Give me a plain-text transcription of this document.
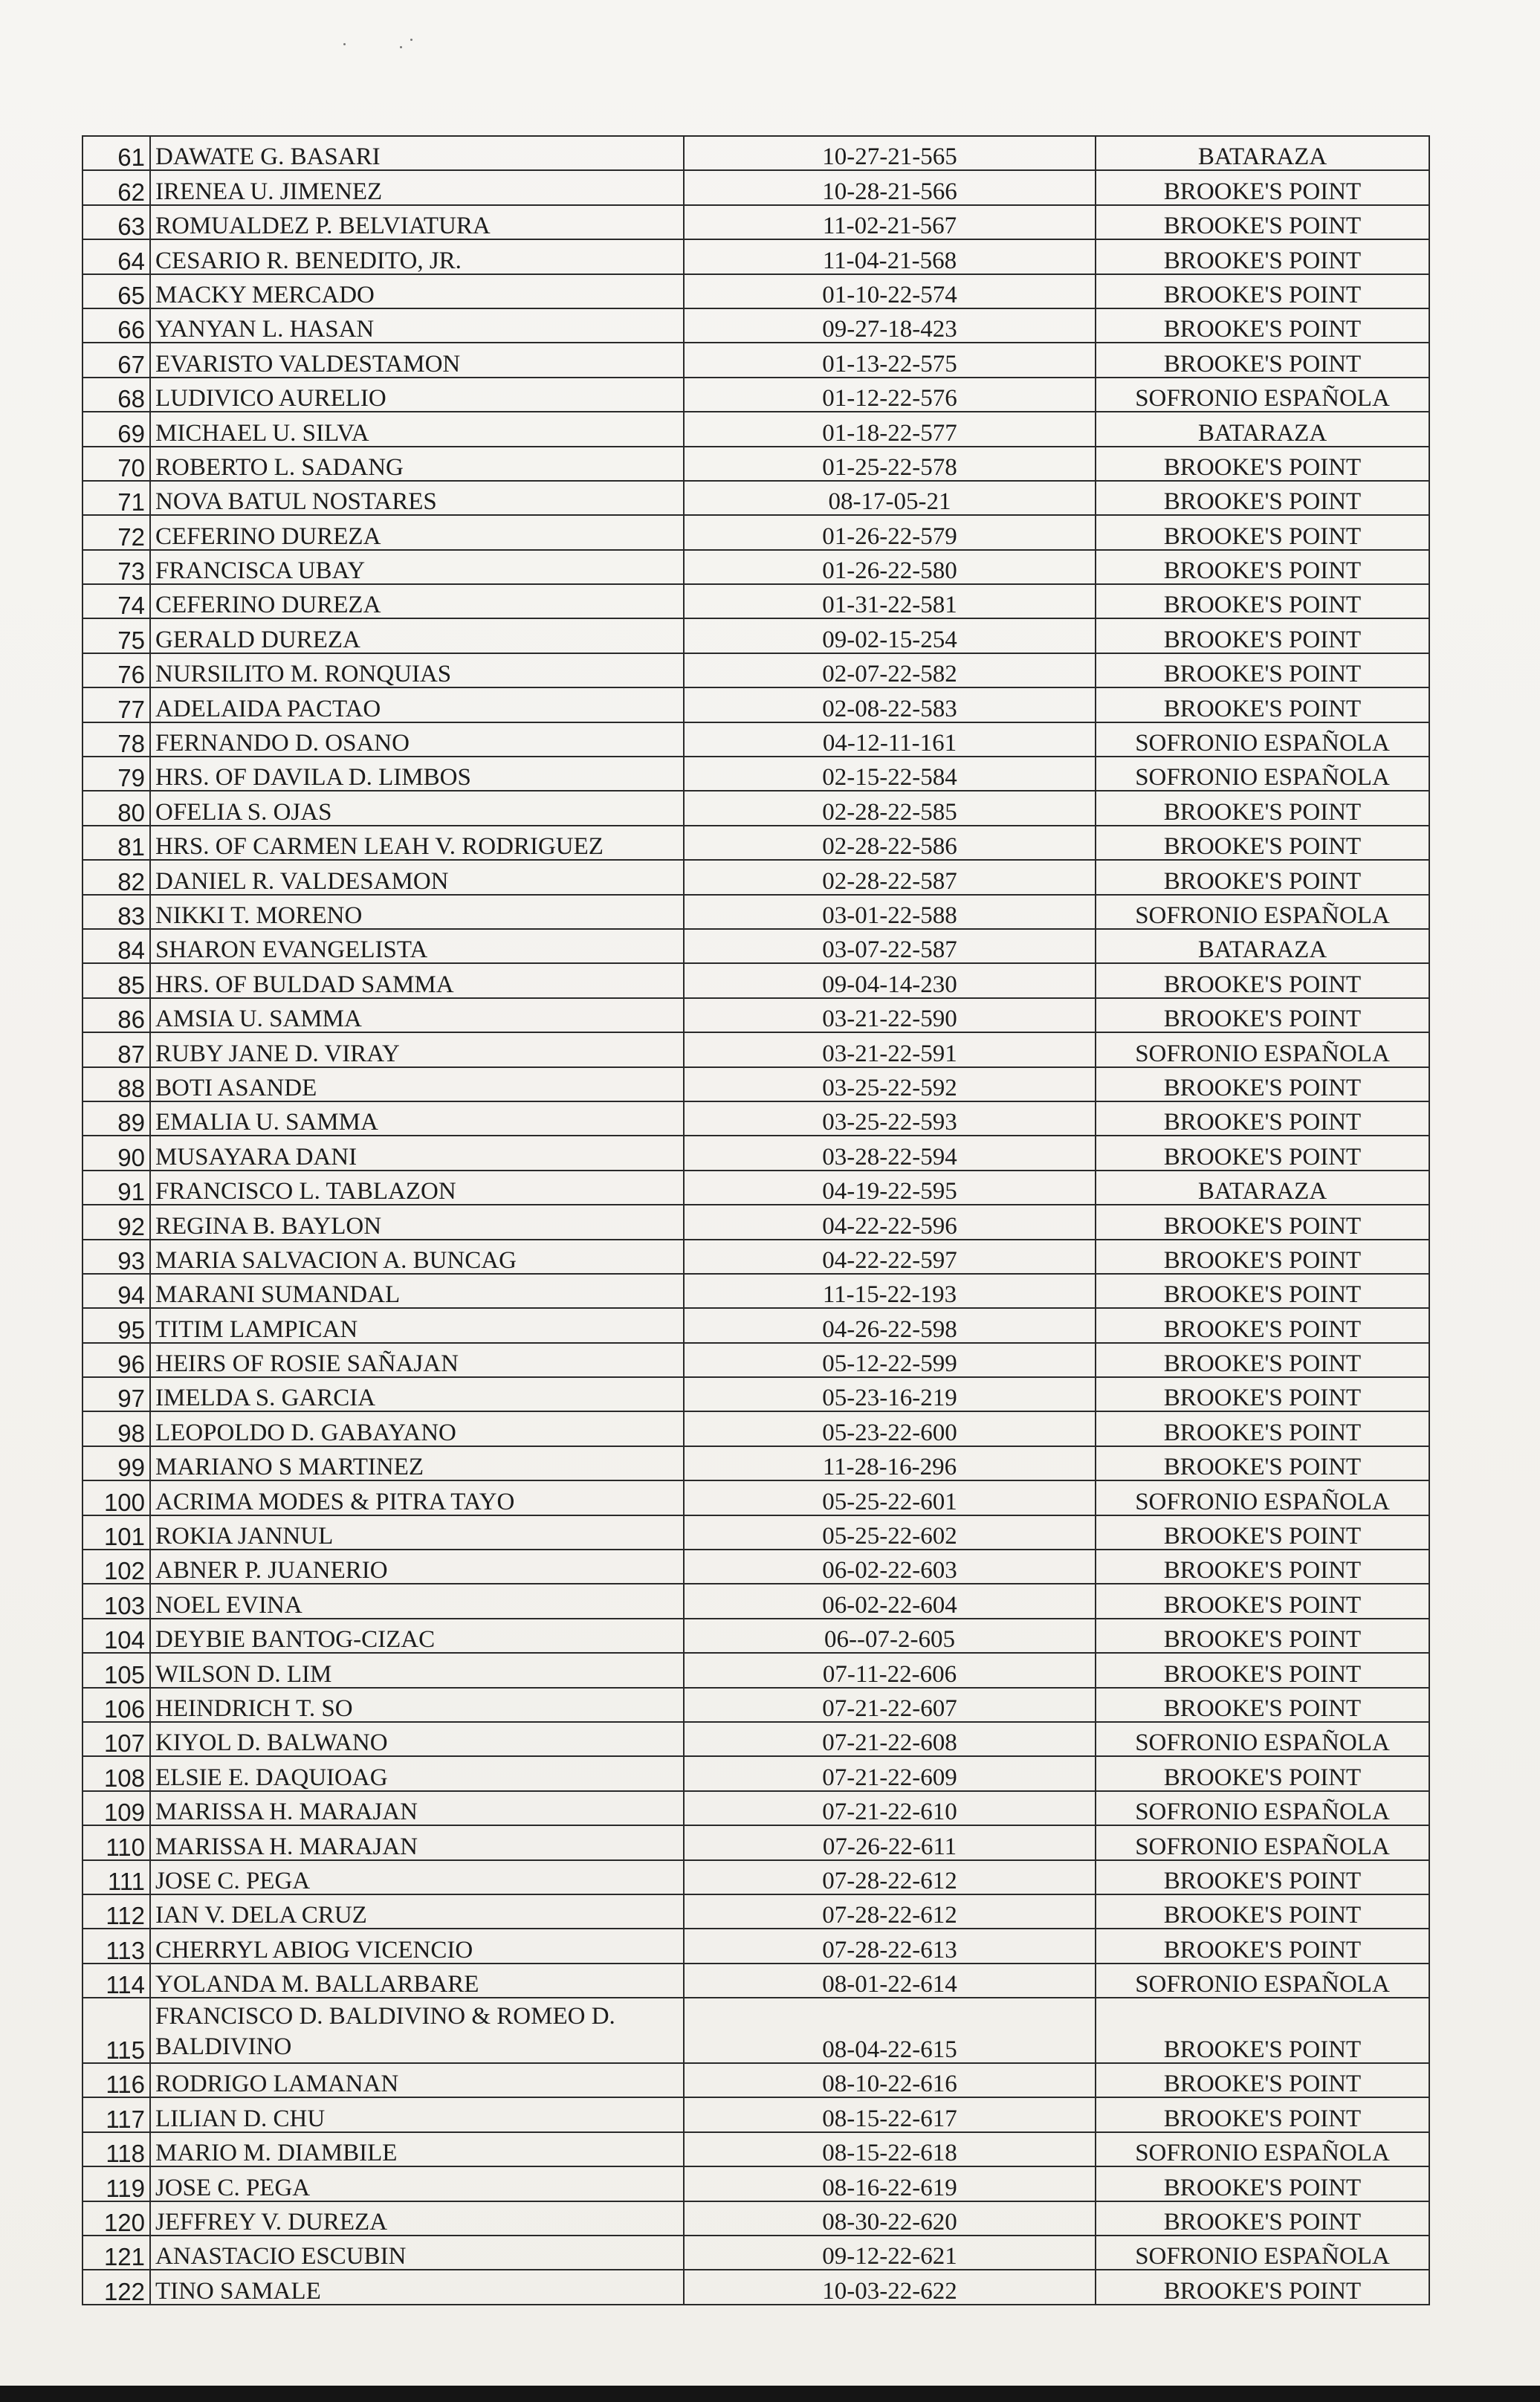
61	DAWATE G. BASARI	10-27-21-565	BATARAZA
62	IRENEA U. JIMENEZ	10-28-21-566	BROOKE'S POINT
63	ROMUALDEZ P. BELVIATURA	11-02-21-567	BROOKE'S POINT
64	CESARIO R. BENEDITO, JR.	11-04-21-568	BROOKE'S POINT
65	MACKY MERCADO	01-10-22-574	BROOKE'S POINT
66	YANYAN L. HASAN	09-27-18-423	BROOKE'S POINT
67	EVARISTO VALDESTAMON	01-13-22-575	BROOKE'S POINT
68	LUDIVICO AURELIO	01-12-22-576	SOFRONIO ESPAÑOLA
69	MICHAEL U. SILVA	01-18-22-577	BATARAZA
70	ROBERTO L. SADANG	01-25-22-578	BROOKE'S POINT
71	NOVA BATUL NOSTARES	08-17-05-21	BROOKE'S POINT
72	CEFERINO DUREZA	01-26-22-579	BROOKE'S POINT
73	FRANCISCA UBAY	01-26-22-580	BROOKE'S POINT
74	CEFERINO DUREZA	01-31-22-581	BROOKE'S POINT
75	GERALD DUREZA	09-02-15-254	BROOKE'S POINT
76	NURSILITO M. RONQUIAS	02-07-22-582	BROOKE'S POINT
77	ADELAIDA PACTAO	02-08-22-583	BROOKE'S POINT
78	FERNANDO D. OSANO	04-12-11-161	SOFRONIO ESPAÑOLA
79	HRS. OF DAVILA D. LIMBOS	02-15-22-584	SOFRONIO ESPAÑOLA
80	OFELIA S. OJAS	02-28-22-585	BROOKE'S POINT
81	HRS. OF CARMEN LEAH V. RODRIGUEZ	02-28-22-586	BROOKE'S POINT
82	DANIEL R. VALDESAMON	02-28-22-587	BROOKE'S POINT
83	NIKKI T. MORENO	03-01-22-588	SOFRONIO ESPAÑOLA
84	SHARON EVANGELISTA	03-07-22-587	BATARAZA
85	HRS. OF BULDAD SAMMA	09-04-14-230	BROOKE'S POINT
86	AMSIA U. SAMMA	03-21-22-590	BROOKE'S POINT
87	RUBY JANE D. VIRAY	03-21-22-591	SOFRONIO ESPAÑOLA
88	BOTI ASANDE	03-25-22-592	BROOKE'S POINT
89	EMALIA U. SAMMA	03-25-22-593	BROOKE'S POINT
90	MUSAYARA DANI	03-28-22-594	BROOKE'S POINT
91	FRANCISCO L. TABLAZON	04-19-22-595	BATARAZA
92	REGINA B. BAYLON	04-22-22-596	BROOKE'S POINT
93	MARIA SALVACION A. BUNCAG	04-22-22-597	BROOKE'S POINT
94	MARANI SUMANDAL	11-15-22-193	BROOKE'S POINT
95	TITIM LAMPICAN	04-26-22-598	BROOKE'S POINT
96	HEIRS OF ROSIE SAÑAJAN	05-12-22-599	BROOKE'S POINT
97	IMELDA S. GARCIA	05-23-16-219	BROOKE'S POINT
98	LEOPOLDO D. GABAYANO	05-23-22-600	BROOKE'S POINT
99	MARIANO S MARTINEZ	11-28-16-296	BROOKE'S POINT
100	ACRIMA MODES & PITRA TAYO	05-25-22-601	SOFRONIO ESPAÑOLA
101	ROKIA JANNUL	05-25-22-602	BROOKE'S POINT
102	ABNER P. JUANERIO	06-02-22-603	BROOKE'S POINT
103	NOEL EVINA	06-02-22-604	BROOKE'S POINT
104	DEYBIE BANTOG-CIZAC	06--07-2-605	BROOKE'S POINT
105	WILSON D. LIM	07-11-22-606	BROOKE'S POINT
106	HEINDRICH T. SO	07-21-22-607	BROOKE'S POINT
107	KIYOL D. BALWANO	07-21-22-608	SOFRONIO ESPAÑOLA
108	ELSIE E. DAQUIOAG	07-21-22-609	BROOKE'S POINT
109	MARISSA H. MARAJAN	07-21-22-610	SOFRONIO ESPAÑOLA
110	MARISSA H. MARAJAN	07-26-22-611	SOFRONIO ESPAÑOLA
111	JOSE C. PEGA	07-28-22-612	BROOKE'S POINT
112	IAN V. DELA CRUZ	07-28-22-612	BROOKE'S POINT
113	CHERRYL ABIOG VICENCIO	07-28-22-613	BROOKE'S POINT
114	YOLANDA M. BALLARBARE	08-01-22-614	SOFRONIO ESPAÑOLA
115	FRANCISCO D. BALDIVINO & ROMEO D. BALDIVINO	08-04-22-615	BROOKE'S POINT
116	RODRIGO LAMANAN	08-10-22-616	BROOKE'S POINT
117	LILIAN D. CHU	08-15-22-617	BROOKE'S POINT
118	MARIO M. DIAMBILE	08-15-22-618	SOFRONIO ESPAÑOLA
119	JOSE C. PEGA	08-16-22-619	BROOKE'S POINT
120	JEFFREY V. DUREZA	08-30-22-620	BROOKE'S POINT
121	ANASTACIO ESCUBIN	09-12-22-621	SOFRONIO ESPAÑOLA
122	TINO SAMALE	10-03-22-622	BROOKE'S POINT
